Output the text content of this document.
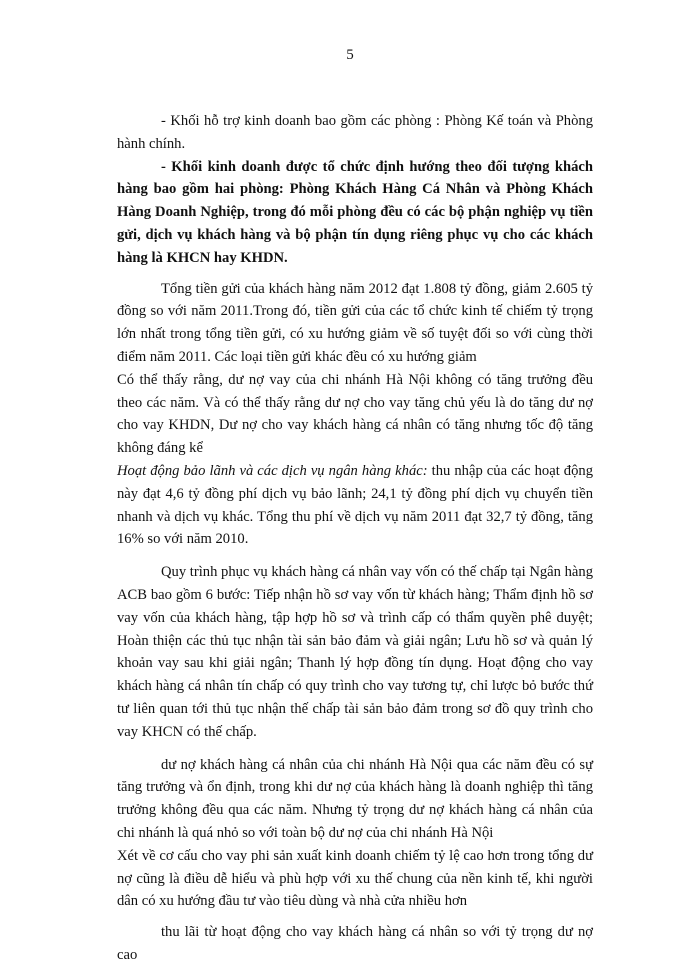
5

- Khối hỗ trợ kinh doanh bao gồm các phòng : Phòng Kế toán và Phòng hành chính.

- Khối kinh doanh được tổ chức định hướng theo đối tượng khách hàng bao gồm hai phòng: Phòng Khách Hàng Cá Nhân và Phòng Khách Hàng Doanh Nghiệp, trong đó mỗi phòng đều có các bộ phận nghiệp vụ tiền gửi, dịch vụ khách hàng và bộ phận tín dụng riêng phục vụ cho các khách hàng là KHCN hay KHDN.

Tổng tiền gửi của khách hàng năm 2012 đạt 1.808 tỷ đồng, giảm 2.605 tỷ đồng so với năm 2011.Trong đó, tiền gửi của các tổ chức kinh tế chiếm tỷ trọng lớn nhất trong tổng tiền gửi, có xu hướng giảm về số tuyệt đối so với cùng thời điểm năm 2011. Các loại tiền gửi khác đều có xu hướng giảm

Có thể thấy rằng, dư nợ vay của chi nhánh Hà Nội không có tăng trưởng đều theo các năm. Và có thể thấy rằng dư nợ cho vay tăng chủ yếu là do tăng dư nợ cho vay KHDN, Dư nợ cho vay khách hàng cá nhân có tăng nhưng tốc độ tăng không đáng kể

Hoạt động bảo lãnh và các dịch vụ ngân hàng khác: thu nhập của các hoạt động này đạt 4,6 tỷ đồng phí dịch vụ bảo lãnh; 24,1 tỷ đồng phí dịch vụ chuyển tiền nhanh và dịch vụ khác. Tổng thu phí về dịch vụ năm 2011 đạt 32,7 tỷ đồng, tăng 16% so với năm 2010.

Quy trình phục vụ khách hàng cá nhân vay vốn có thế chấp tại Ngân hàng ACB bao gồm 6 bước: Tiếp nhận hồ sơ vay vốn từ khách hàng; Thẩm định hồ sơ vay vốn của khách hàng, tập hợp hồ sơ và trình cấp có thẩm quyền phê duyệt; Hoàn thiện các thủ tục nhận tài sản bảo đảm và giải ngân; Lưu hồ sơ và quản lý khoản vay sau khi giải ngân; Thanh lý hợp đồng tín dụng. Hoạt động cho vay khách hàng cá nhân tín chấp có quy trình cho vay tương tự, chỉ lược bỏ bước thứ tư liên quan tới thủ tục nhận thế chấp tài sản bảo đảm trong sơ đồ quy trình cho vay KHCN có thế chấp.

dư nợ khách hàng cá nhân của chi nhánh Hà Nội qua các năm đều có sự tăng trưởng và ổn định, trong khi dư nợ của khách hàng là doanh nghiệp thì tăng trưởng không đều qua các năm. Nhưng tỷ trọng dư nợ khách hàng cá nhân của chi nhánh là quá nhỏ so với toàn bộ dư nợ của chi nhánh Hà Nội

Xét về cơ cấu cho vay phi sản xuất kinh doanh chiếm tỷ lệ cao hơn trong tổng dư nợ cũng là điều dễ hiểu và phù hợp với xu thế chung của nền kinh tế, khi người dân có xu hướng đầu tư vào tiêu dùng và nhà cửa nhiều hơn

thu lãi từ hoạt động cho vay khách hàng cá nhân so với tỷ trọng dư nợ cao
